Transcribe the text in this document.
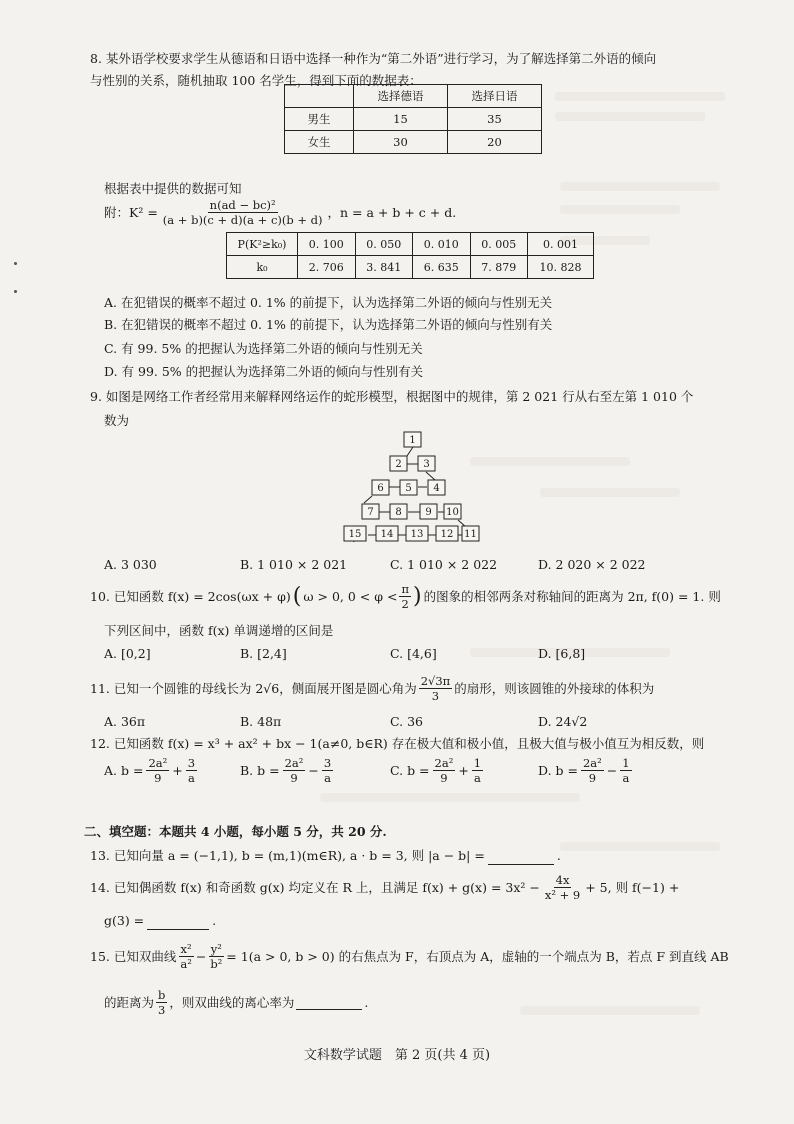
8. 某外语学校要求学生从德语和日语中选择一种作为“第二外语”进行学习，为了解选择第二外语的倾向
与性别的关系，随机抽取 100 名学生，得到下面的数据表：
	选择德语	选择日语
男生	15	35
女生	30	20
根据表中提供的数据可知
附：$K^2 = \frac{\text{n(ad − bc)²}}{(a + b)(c + d)(a + c)(b + d)}$ ，n = a + b + c + d.
P(K²≥k₀)	0. 100	0. 050	0. 010	0. 005	0. 001
k₀	2. 706	3. 841	6. 635	7. 879	10. 828
A. 在犯错误的概率不超过 0. 1% 的前提下，认为选择第二外语的倾向与性别无关
B. 在犯错误的概率不超过 0. 1% 的前提下，认为选择第二外语的倾向与性别有关
C. 有 99. 5% 的把握认为选择第二外语的倾向与性别无关
D. 有 99. 5% 的把握认为选择第二外语的倾向与性别有关
9. 如图是网络工作者经常用来解释网络运作的蛇形模型，根据图中的规律，第 2 021 行从右至左第 1 010 个
数为
1
2 3
6 5 4
7 8 9 10
15 14 13 12 11
A. 3 030	B. 1 010 × 2 021	C. 1 010 × 2 022	D. 2 020 × 2 022
10. 已知函数 f(x) = 2cos(ωx + φ) ( ω > 0, $0 < \varphi < \frac{\pi}{2}$ ) 的图象的相邻两条对称轴间的距离为 2π, f(0) = 1. 则
下列区间中，函数 f(x) 单调递增的区间是
A. [0,2]	B. [2,4]	C. [4,6]	D. [6,8]
11. 已知一个圆锥的母线长为 2√6，侧面展开图是圆心角为 $\frac{2√3\pi}{3}$ 的扇形，则该圆锥的外接球的体积为
A. 36π	B. 48π	C. 36	D. 24√2
12. 已知函数 f(x) = x³ + ax² + bx − 1(a≠0, b∈R) 存在极大值和极小值，且极大值与极小值互为相反数，则
A. $b = \frac{\text{2a²}}{9} + \frac{3}{a}$	B. $b = \frac{\text{2a²}}{9} - \frac{3}{a}$	C. $b = \frac{\text{2a²}}{9} + \frac{1}{a}$	D. $b = \frac{\text{2a²}}{9} - \frac{1}{a}$
二、填空题：本题共 4 小题，每小题 5 分，共 20 分.
13. 已知向量 a = (−1,1), b = (m,1)(m∈R), a · b = 3, 则 |a − b| =	.
14. 已知偶函数 f(x) 和奇函数 g(x) 均定义在 R 上，且满足 $f(x) + g(x) = 3x^2 - \frac{4x}{\text{x² + 9}} + 5$, 则 f(−1) +
g(3) =	.
15. 已知双曲线 $\frac{\text{x²}}{\text{a²}} - \frac{\text{y²}}{\text{b²}} = 1(a > 0$, b > 0) 的右焦点为 F，右顶点为 A，虚轴的一个端点为 B，若点 F 到直线 AB
的距离为 $\frac{b}{3}$ ，则双曲线的离心率为	.
文科数学试题　第 2 页(共 4 页)
